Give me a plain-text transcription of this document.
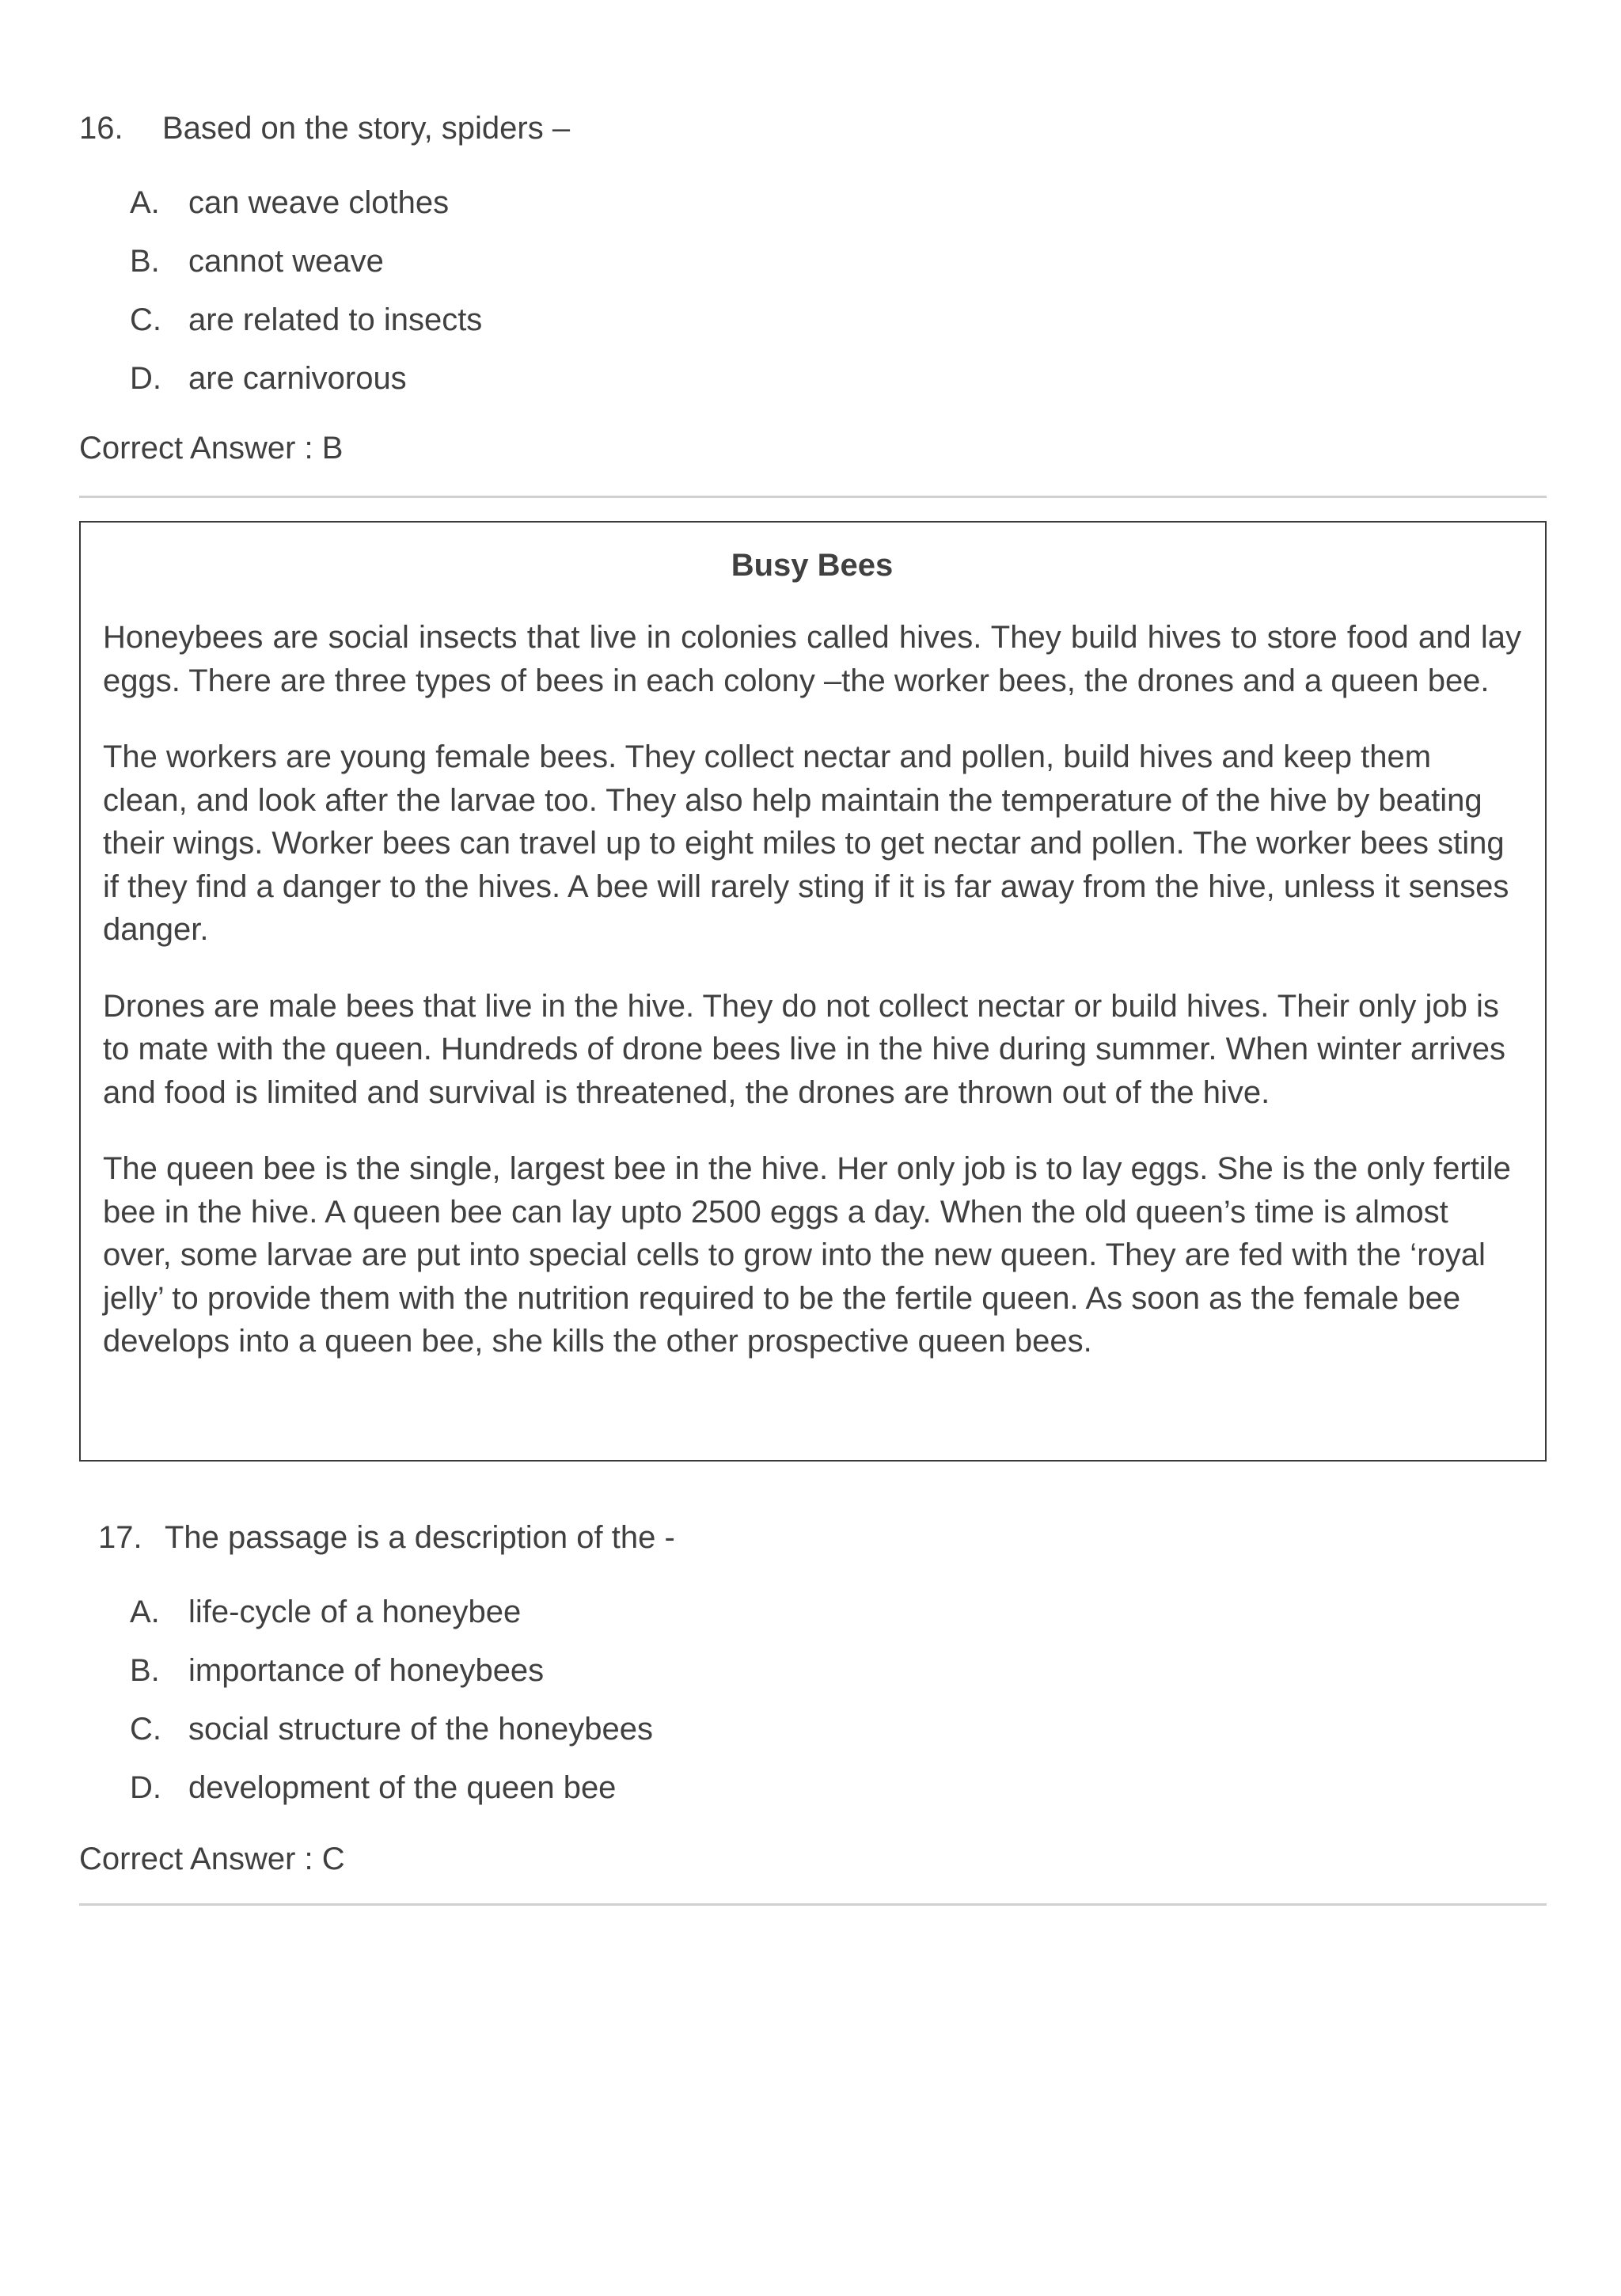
16. Based on the story, spiders –
A. can weave clothes
B. cannot weave
C. are related to insects
D. are carnivorous
Correct Answer : B
Busy Bees

Honeybees are social insects that live in colonies called hives. They build hives to store food and lay eggs. There are three types of bees in each colony –the worker bees, the drones and a queen bee.

The workers are young female bees. They collect nectar and pollen, build hives and keep them clean, and look after the larvae too. They also help maintain the temperature of the hive by beating their wings. Worker bees can travel up to eight miles to get nectar and pollen. The worker bees sting if they find a danger to the hives. A bee will rarely sting if it is far away from the hive, unless it senses danger.

Drones are male bees that live in the hive. They do not collect nectar or build hives. Their only job is to mate with the queen. Hundreds of drone bees live in the hive during summer. When winter arrives and food is limited and survival is threatened, the drones are thrown out of the hive.

The queen bee is the single, largest bee in the hive. Her only job is to lay eggs. She is the only fertile bee in the hive. A queen bee can lay upto 2500 eggs a day. When the old queen’s time is almost over, some larvae are put into special cells to grow into the new queen. They are fed with the ‘royal jelly’ to provide them with the nutrition required to be the fertile queen. As soon as the female bee develops into a queen bee, she kills the other prospective queen bees.

17. The passage is a description of the -
A. life-cycle of a honeybee
B. importance of honeybees
C. social structure of the honeybees
D. development of the queen bee
Correct Answer : C
